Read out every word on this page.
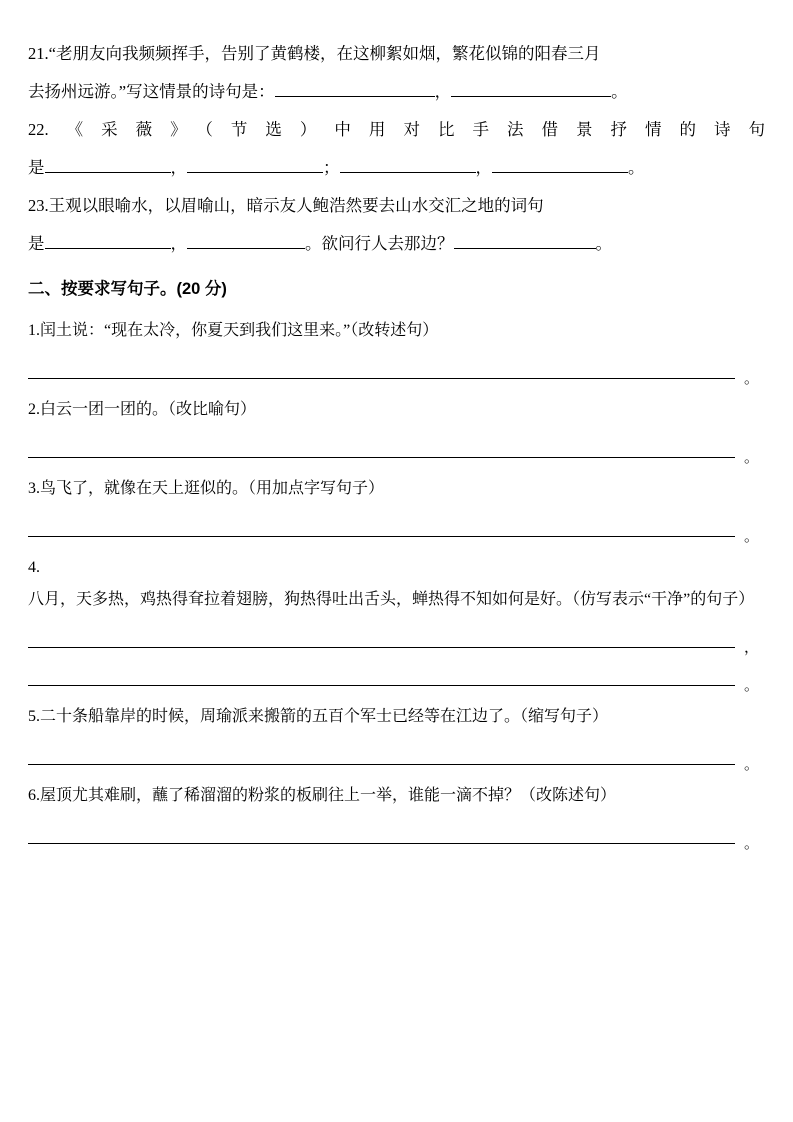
21.“老朋友向我频频挥手，告别了黄鹤楼，在这柳絮如烟，繁花似锦的阳春三月

去扬州远游。”写这情景的诗句是：	，	。

22.《采薇》（节选）中用对比手法借景抒情的诗句

是	，	；	，	。

23.王观以眼喻水，以眉喻山，暗示友人鲍浩然要去山水交汇之地的词句

是	，	。欲问行人去那边？	。

二、按要求写句子。(20 分)

1.闰土说：“现在太冷，你夏天到我们这里来。”（改转述句）

。

2.白云一团一团的。（改比喻句）

。

3.鸟飞了，就像在天上逛似的。（用加点字写句子）

。

4.八月，天多热，鸡热得耷拉着翅膀，狗热得吐出舌头，蝉热得不知如何是好。（仿写表示“干净”的句子）

，
。

5.二十条船靠岸的时候，周瑜派来搬箭的五百个军士已经等在江边了。（缩写句子）

。

6.屋顶尤其难刷，蘸了稀溜溜的粉浆的板刷往上一举，谁能一滴不掉？（改陈述句）

。
